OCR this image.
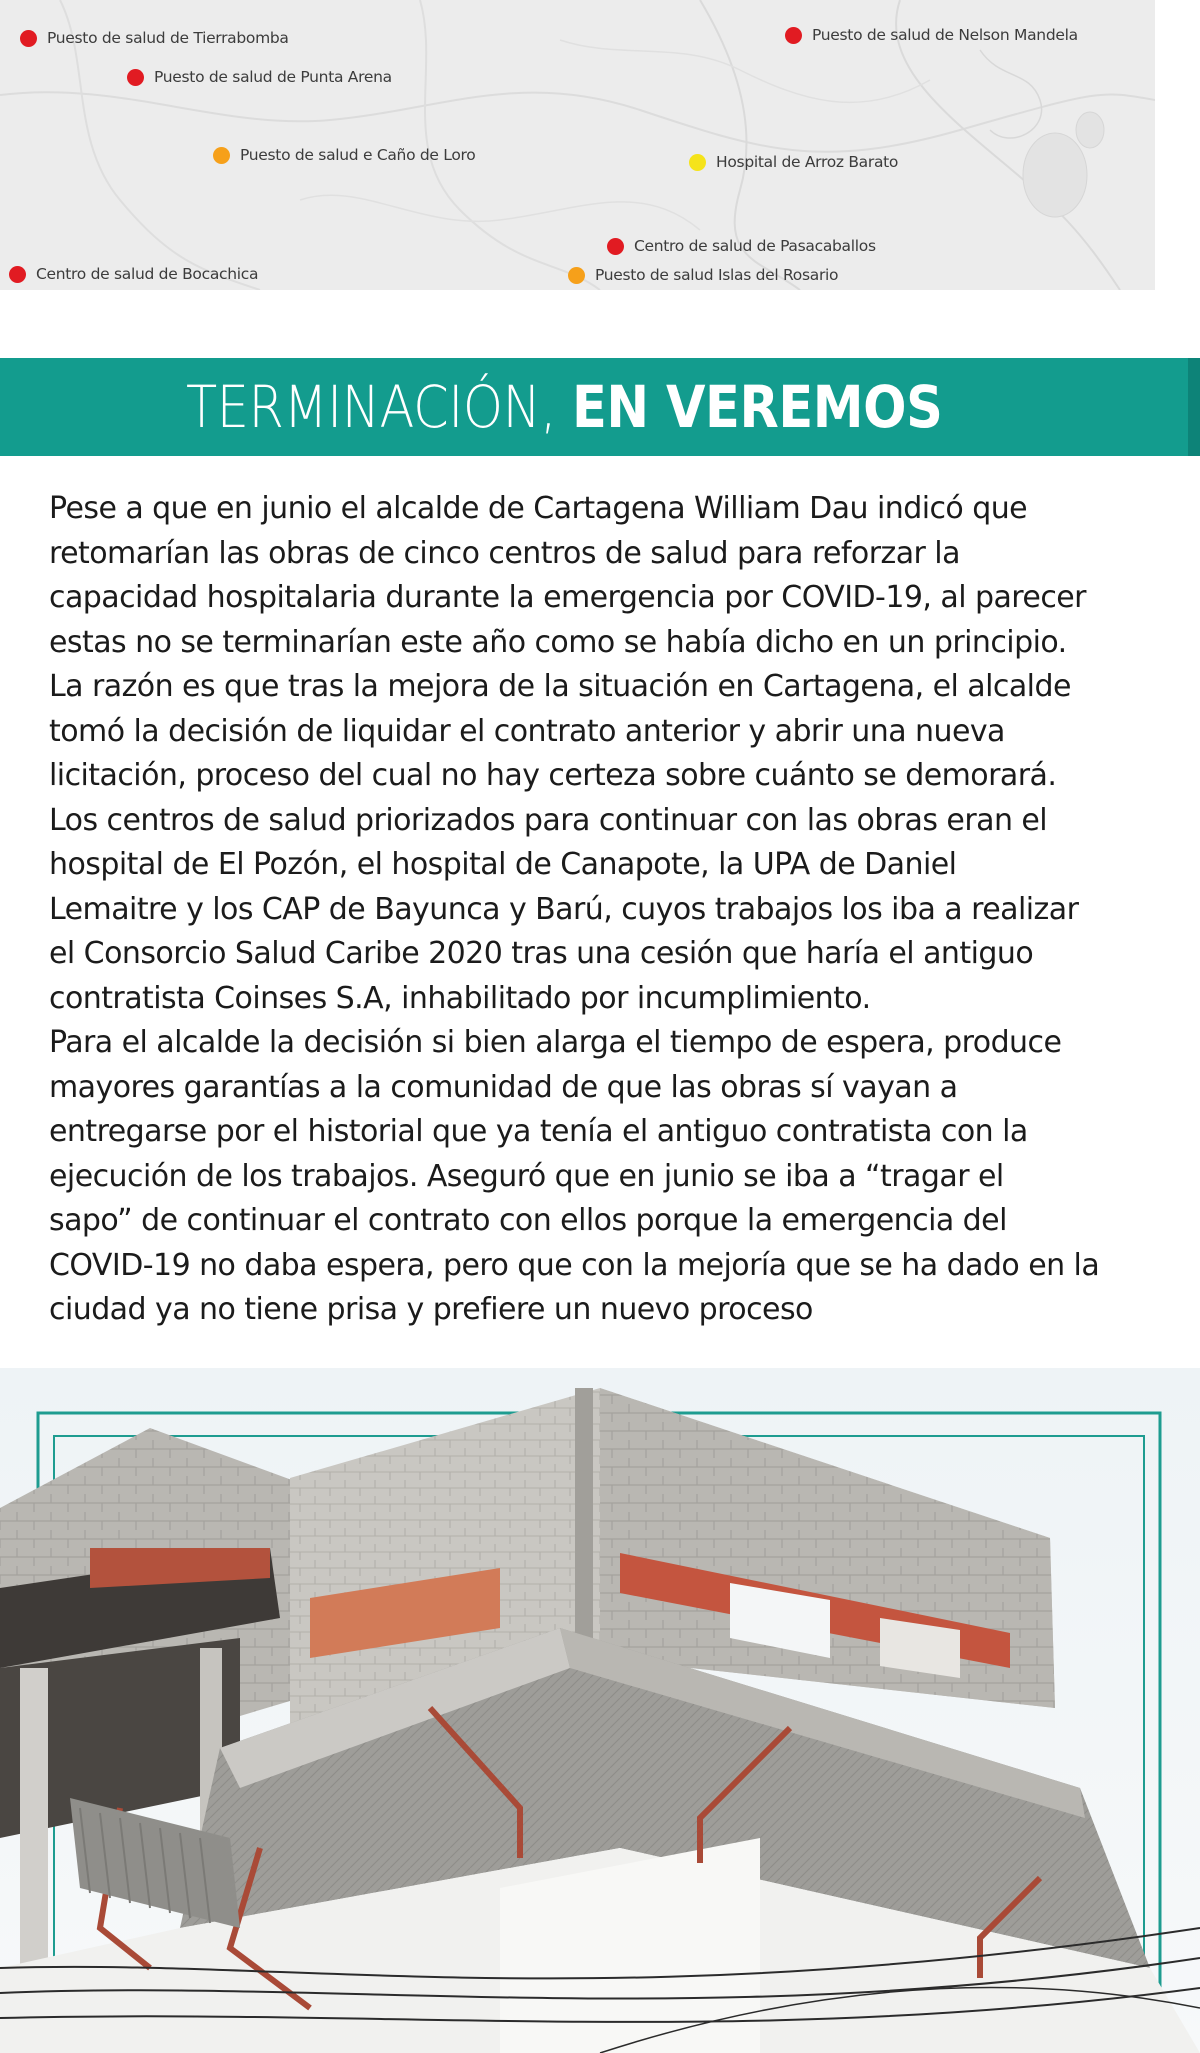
Puesto de salud de Tierrabomba
Puesto de salud de Punta Arena
Puesto de salud e Caño de Loro
Centro de salud de Bocachica
Puesto de salud de Nelson Mandela
Hospital de Arroz Barato
Centro de salud de Pasacaballos
Puesto de salud Islas del Rosario
TERMINACIÓN, EN VEREMOS

Pese a que en junio el alcalde de Cartagena William Dau indicó que
retomarían las obras de cinco centros de salud para reforzar la
capacidad hospitalaria durante la emergencia por COVID-19, al parecer
estas no se terminarían este año como se había dicho en un principio.
La razón es que tras la mejora de la situación en Cartagena, el alcalde
tomó la decisión de liquidar el contrato anterior y abrir una nueva
licitación, proceso del cual no hay certeza sobre cuánto se demorará.
Los centros de salud priorizados para continuar con las obras eran el
hospital de El Pozón, el hospital de Canapote, la UPA de Daniel
Lemaitre y los CAP de Bayunca y Barú, cuyos trabajos los iba a realizar
el Consorcio Salud Caribe 2020 tras una cesión que haría el antiguo
contratista Coinses S.A, inhabilitado por incumplimiento.
Para el alcalde la decisión si bien alarga el tiempo de espera, produce
mayores garantías a la comunidad de que las obras sí vayan a
entregarse por el historial que ya tenía el antiguo contratista con la
ejecución de los trabajos. Aseguró que en junio se iba a “tragar el
sapo” de continuar el contrato con ellos porque la emergencia del
COVID-19 no daba espera, pero que con la mejoría que se ha dado en la
ciudad ya no tiene prisa y prefiere un nuevo proceso
